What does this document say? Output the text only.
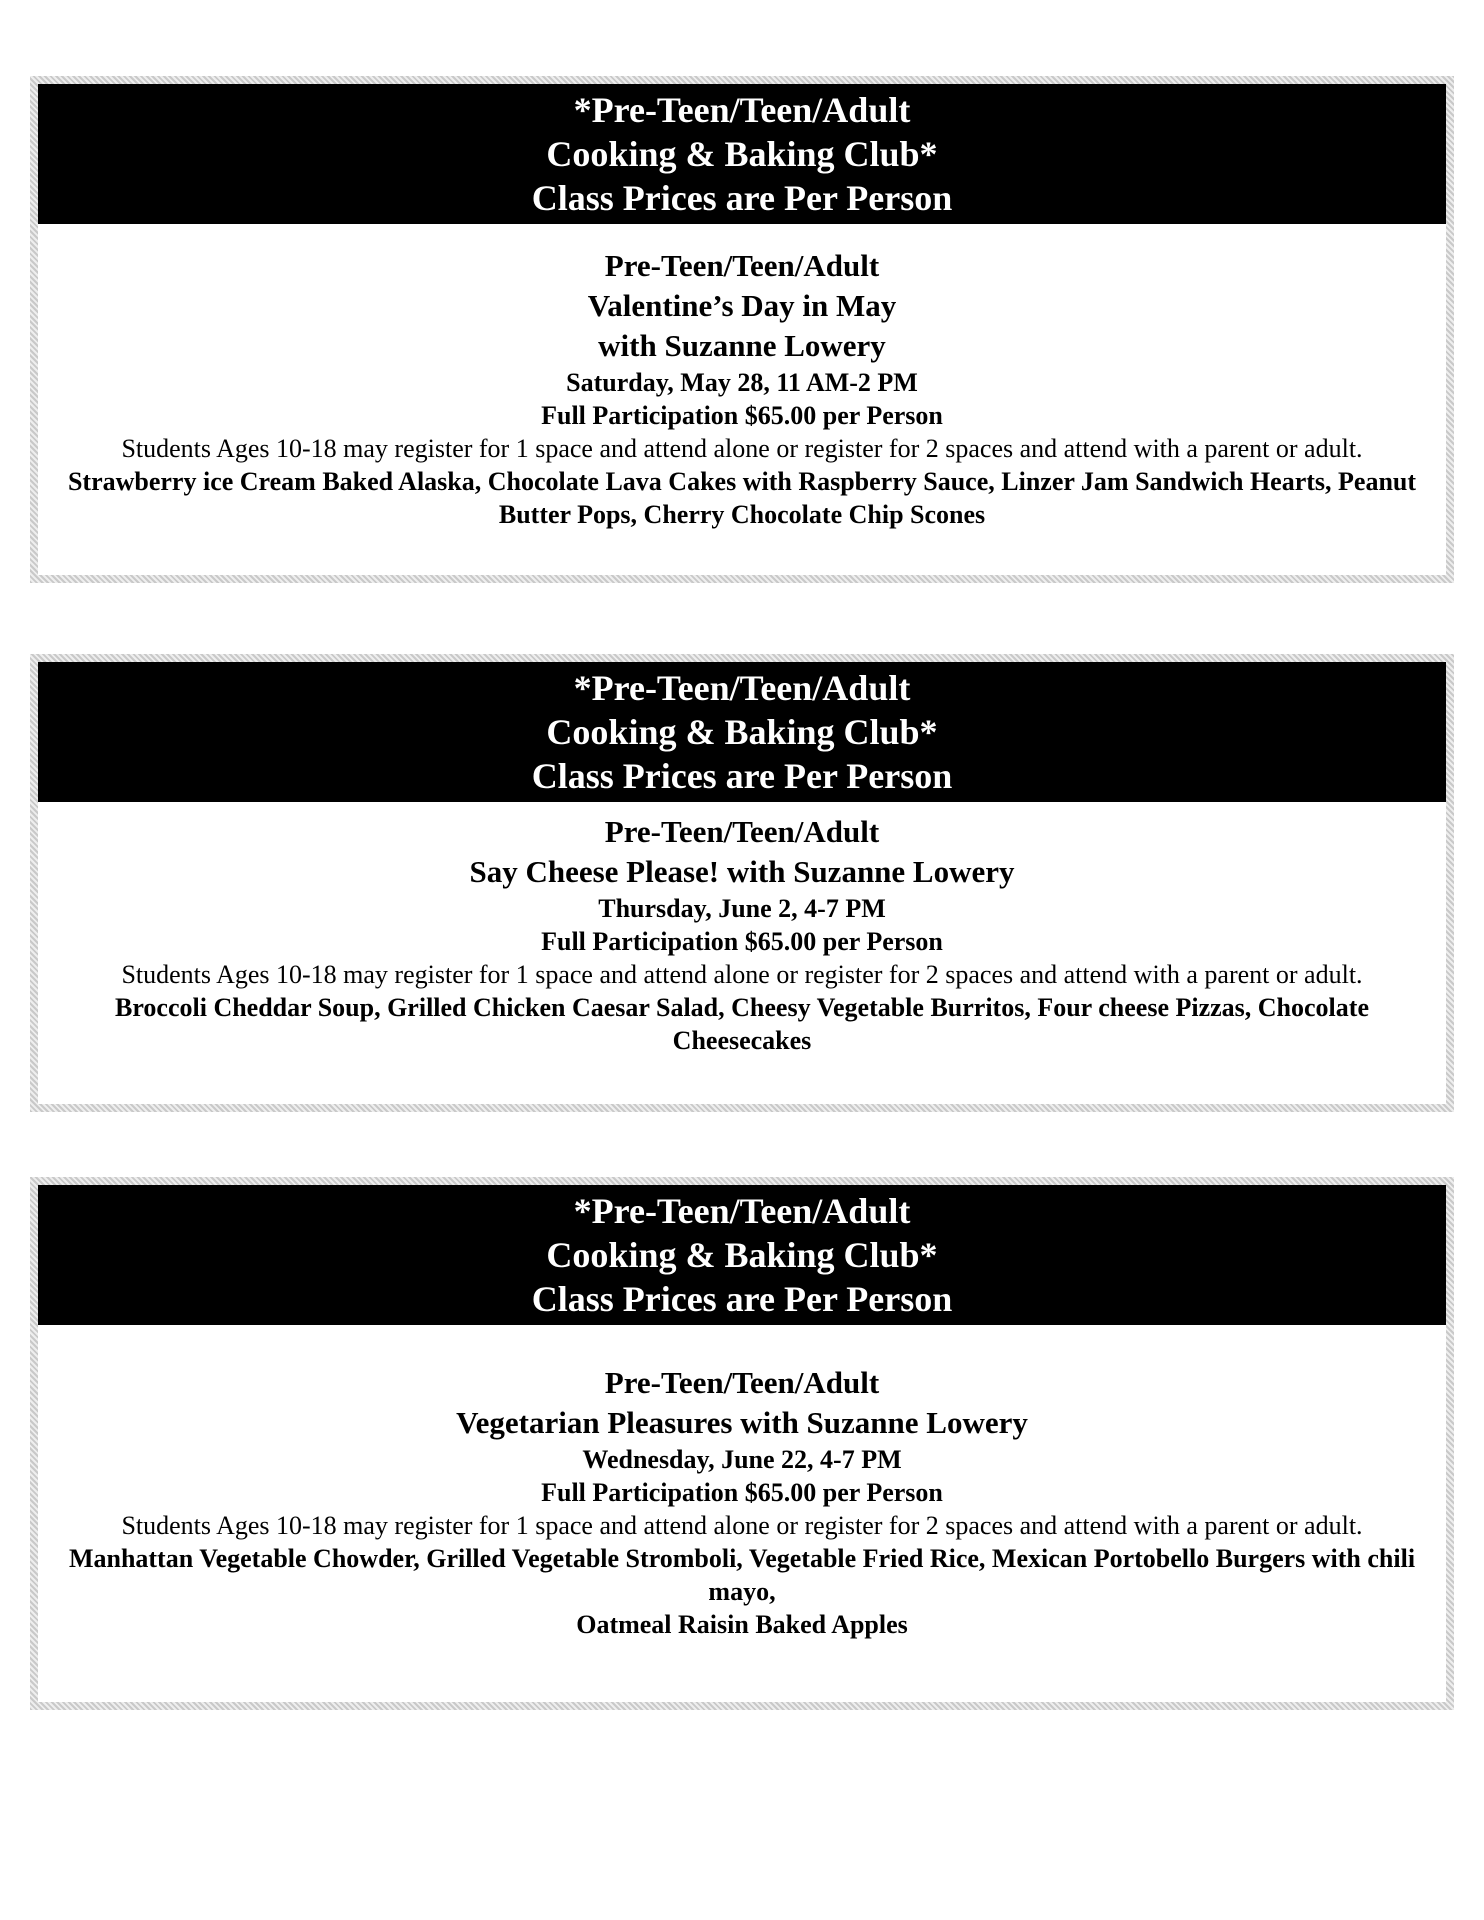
*Pre-Teen/Teen/Adult
Cooking & Baking Club*
Class Prices are Per Person
Pre-Teen/Teen/Adult
Valentine’s Day in May
with Suzanne Lowery
Saturday, May 28, 11 AM-2 PM
Full Participation $65.00 per Person
Students Ages 10-18 may register for 1 space and attend alone or register for 2 spaces and attend with a parent or adult.
Strawberry ice Cream Baked Alaska, Chocolate Lava Cakes with Raspberry Sauce, Linzer Jam Sandwich Hearts, Peanut Butter Pops, Cherry Chocolate Chip Scones
*Pre-Teen/Teen/Adult
Cooking & Baking Club*
Class Prices are Per Person
Pre-Teen/Teen/Adult
Say Cheese Please! with Suzanne Lowery
Thursday, June 2, 4-7 PM
Full Participation $65.00 per Person
Students Ages 10-18 may register for 1 space and attend alone or register for 2 spaces and attend with a parent or adult.
Broccoli Cheddar Soup, Grilled Chicken Caesar Salad, Cheesy Vegetable Burritos, Four cheese Pizzas, Chocolate Cheesecakes
*Pre-Teen/Teen/Adult
Cooking & Baking Club*
Class Prices are Per Person
Pre-Teen/Teen/Adult
Vegetarian Pleasures with Suzanne Lowery
Wednesday, June 22, 4-7 PM
Full Participation $65.00 per Person
Students Ages 10-18 may register for 1 space and attend alone or register for 2 spaces and attend with a parent or adult.
Manhattan Vegetable Chowder, Grilled Vegetable Stromboli, Vegetable Fried Rice, Mexican Portobello Burgers with chili mayo,
Oatmeal Raisin Baked Apples
